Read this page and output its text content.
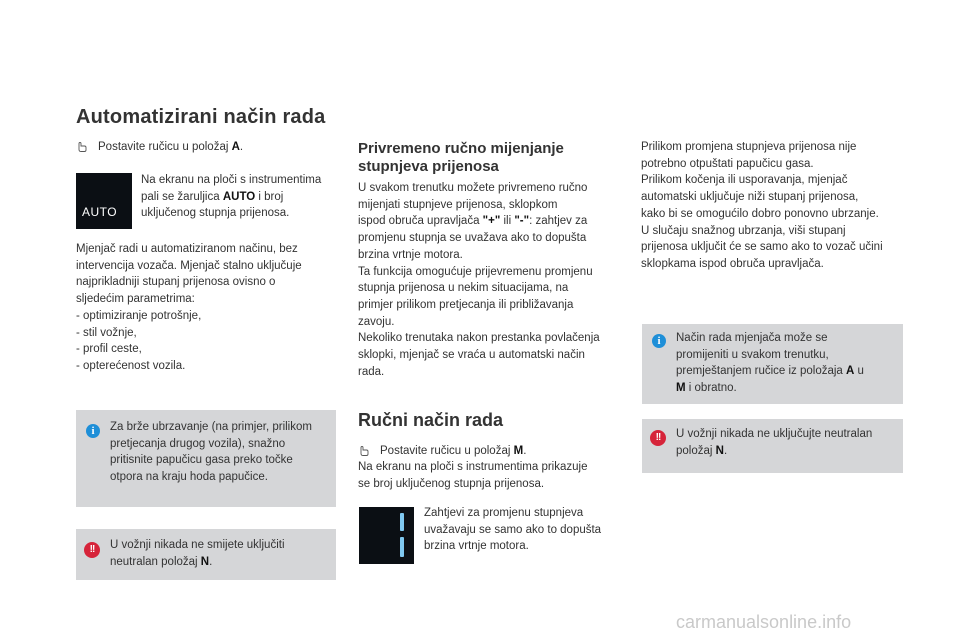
Automatizirani način rada
Postavite ručicu u položaj A.
AUTO
Na ekranu na ploči s instrumentima
pali se žaruljica AUTO i broj
uključenog stupnja prijenosa.
Mjenjač radi u automatiziranom načinu, bez
intervencija vozača. Mjenjač stalno uključuje
najprikladniji stupanj prijenosa ovisno o
sljedećim parametrima:
- optimiziranje potrošnje,
- stil vožnje,
- profil ceste,
- opterećenost vozila.
i
Za brže ubrzavanje (na primjer, prilikom
pretjecanja drugog vozila), snažno
pritisnite papučicu gasa preko točke
otpora na kraju hoda papučice.
!!
U vožnji nikada ne smijete uključiti
neutralan položaj N.
Privremeno ručno mijenjanje
stupnjeva prijenosa
U svakom trenutku možete privremeno ručno
mijenjati stupnjeve prijenosa, sklopkom
ispod obruča upravljača "+" ili "-": zahtjev za
promjenu stupnja se uvažava ako to dopušta
brzina vrtnje motora.
Ta funkcija omogućuje prijevremenu promjenu
stupnja prijenosa u nekim situacijama, na
primjer prilikom pretjecanja ili približavanja
zavoju.
Nekoliko trenutaka nakon prestanka povlačenja
sklopki, mjenjač se vraća u automatski način
rada.
Ručni način rada
Postavite ručicu u položaj M.
Na ekranu na ploči s instrumentima prikazuje
se broj uključenog stupnja prijenosa.
Zahtjevi za promjenu stupnjeva
uvažavaju se samo ako to dopušta
brzina vrtnje motora.
Prilikom promjena stupnjeva prijenosa nije
potrebno otpuštati papučicu gasa.
Prilikom kočenja ili usporavanja, mjenjač
automatski uključuje niži stupanj prijenosa,
kako bi se omogućilo dobro ponovno ubrzanje.
U slučaju snažnog ubrzanja, viši stupanj
prijenosa uključit će se samo ako to vozač učini
sklopkama ispod obruča upravljača.
i
Način rada mjenjača može se
promijeniti u svakom trenutku,
premještanjem ručice iz položaja A u
M i obratno.
!!
U vožnji nikada ne uključujte neutralan
položaj N.
carmanualsonline.info
